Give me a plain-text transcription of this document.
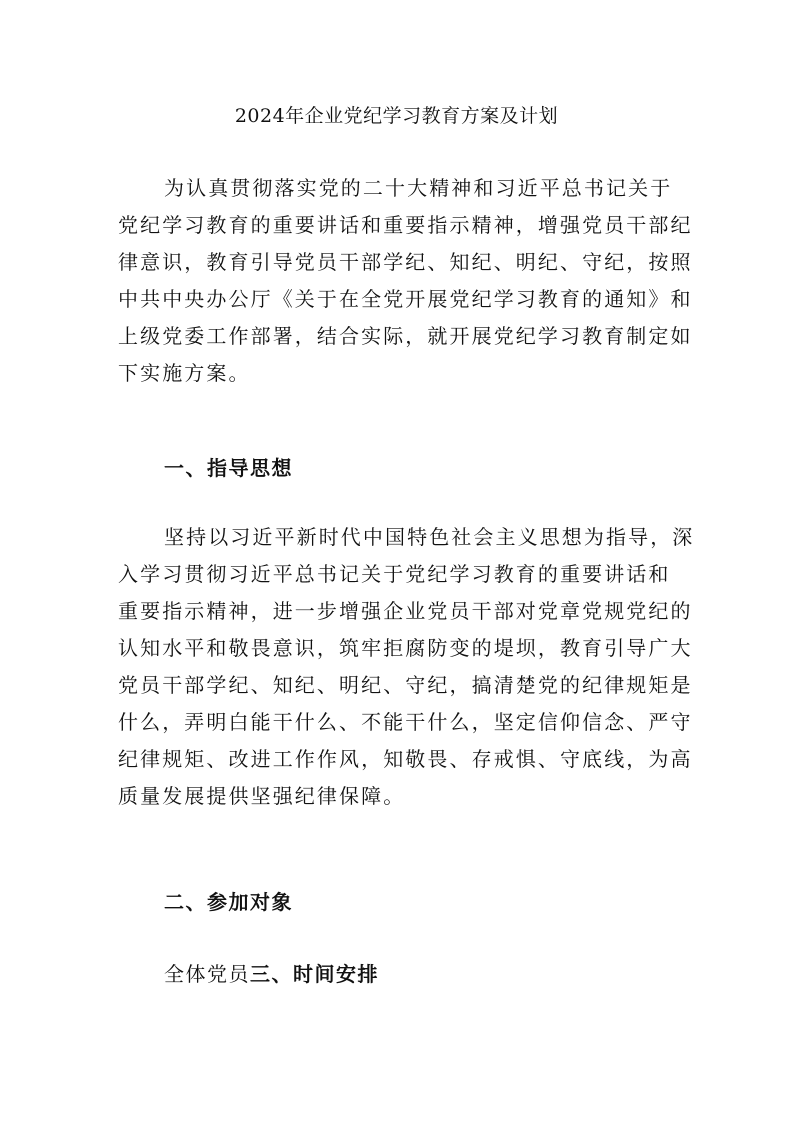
2024年企业党纪学习教育方案及计划
为认真贯彻落实党的二十大精神和习近平总书记关于
党纪学习教育的重要讲话和重要指示精神，增强党员干部纪
律意识，教育引导党员干部学纪、知纪、明纪、守纪，按照
中共中央办公厅《关于在全党开展党纪学习教育的通知》和
上级党委工作部署，结合实际，就开展党纪学习教育制定如
下实施方案。
一、指导思想
坚持以习近平新时代中国特色社会主义思想为指导，深
入学习贯彻习近平总书记关于党纪学习教育的重要讲话和
重要指示精神，进一步增强企业党员干部对党章党规党纪的
认知水平和敬畏意识，筑牢拒腐防变的堤坝，教育引导广大
党员干部学纪、知纪、明纪、守纪，搞清楚党的纪律规矩是
什么，弄明白能干什么、不能干什么，坚定信仰信念、严守
纪律规矩、改进工作作风，知敬畏、存戒惧、守底线，为高
质量发展提供坚强纪律保障。
二、参加对象
全体党员三、时间安排
